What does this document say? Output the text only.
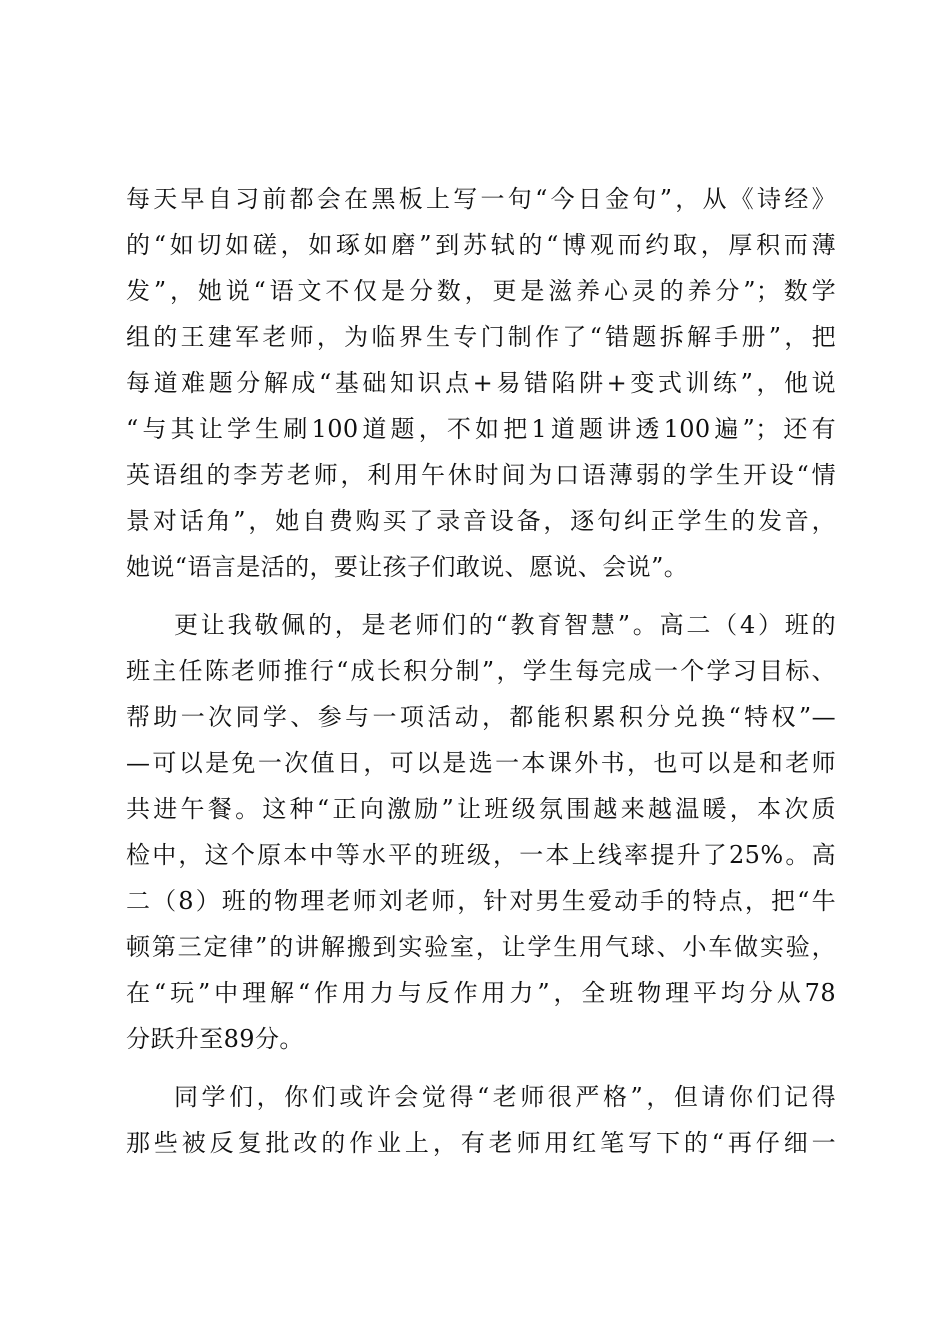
每天早自习前都会在黑板上写一句“今日金句”，从《诗经》
的“如切如磋，如琢如磨”到苏轼的“博观而约取，厚积而薄
发”，她说“语文不仅是分数，更是滋养心灵的养分”；数学
组的王建军老师，为临界生专门制作了“错题拆解手册”，把
每道难题分解成“基础知识点+易错陷阱+变式训练”，他说
“与其让学生刷100道题，不如把1道题讲透100遍”；还有
英语组的李芳老师，利用午休时间为口语薄弱的学生开设“情
景对话角”，她自费购买了录音设备，逐句纠正学生的发音，
她说“语言是活的，要让孩子们敢说、愿说、会说”。
更让我敬佩的，是老师们的“教育智慧”。高二（4）班的
班主任陈老师推行“成长积分制”，学生每完成一个学习目标、
帮助一次同学、参与一项活动，都能积累积分兑换“特权”—
—可以是免一次值日，可以是选一本课外书，也可以是和老师
共进午餐。这种“正向激励”让班级氛围越来越温暖，本次质
检中，这个原本中等水平的班级，一本上线率提升了25%。高
二（8）班的物理老师刘老师，针对男生爱动手的特点，把“牛
顿第三定律”的讲解搬到实验室，让学生用气球、小车做实验，
在“玩”中理解“作用力与反作用力”，全班物理平均分从78
分跃升至89分。
同学们，你们或许会觉得“老师很严格”，但请你们记得
那些被反复批改的作业上，有老师用红笔写下的“再仔细一
